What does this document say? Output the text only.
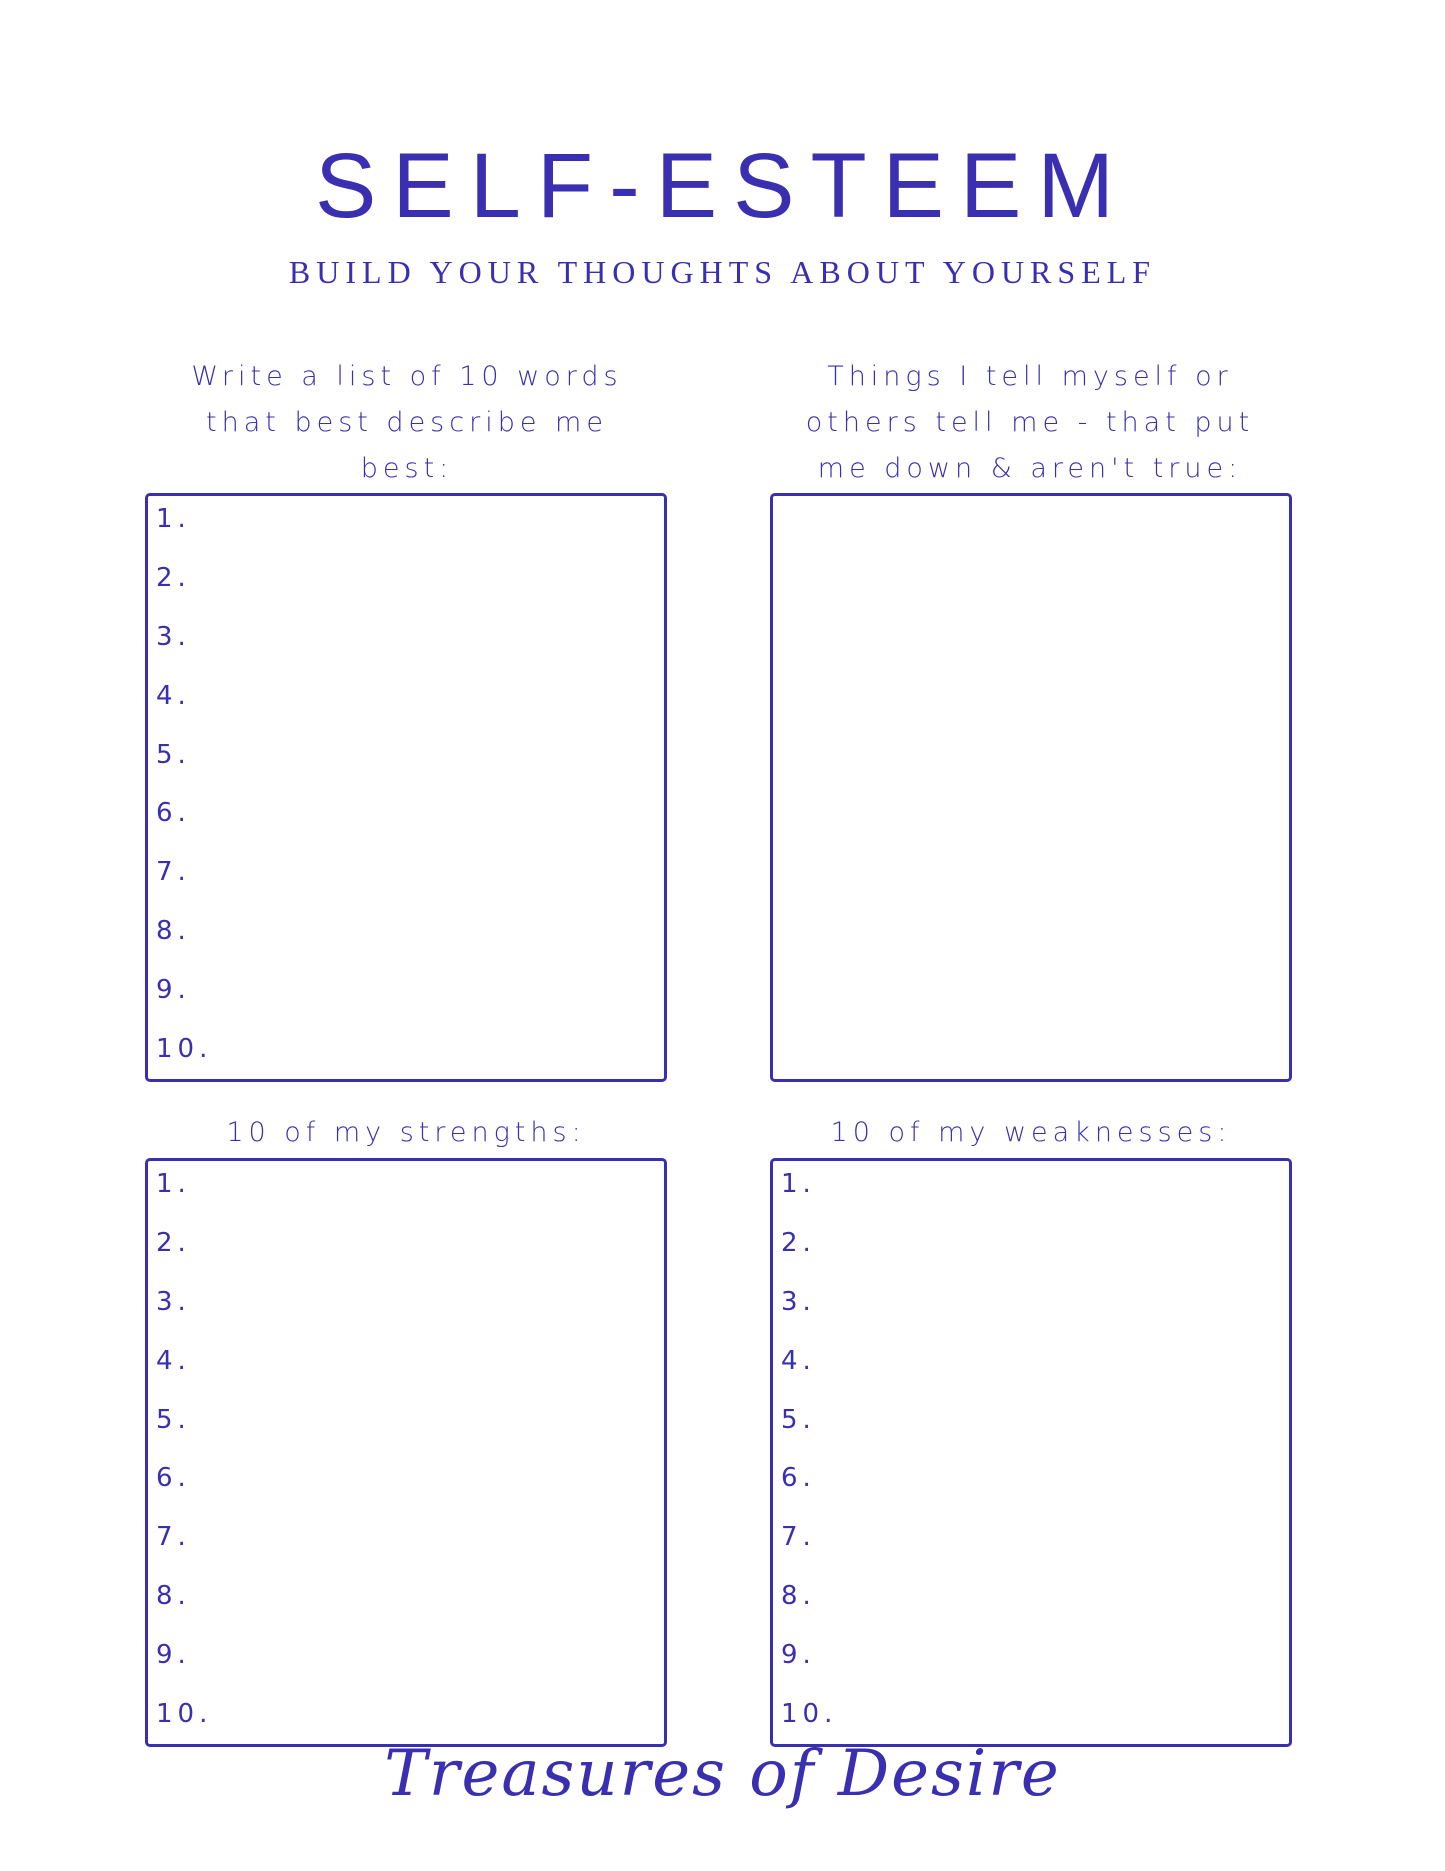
SELF-ESTEEM
BUILD YOUR THOUGHTS ABOUT YOURSELF
Write a list of 10 words that best describe me best:
1.
2.
3.
4.
5.
6.
7.
8.
9.
10.
Things I tell myself or others tell me - that put me down & aren't true:
10 of my strengths:
1.
2.
3.
4.
5.
6.
7.
8.
9.
10.
10 of my weaknesses:
1.
2.
3.
4.
5.
6.
7.
8.
9.
10.
Treasures of Desire
